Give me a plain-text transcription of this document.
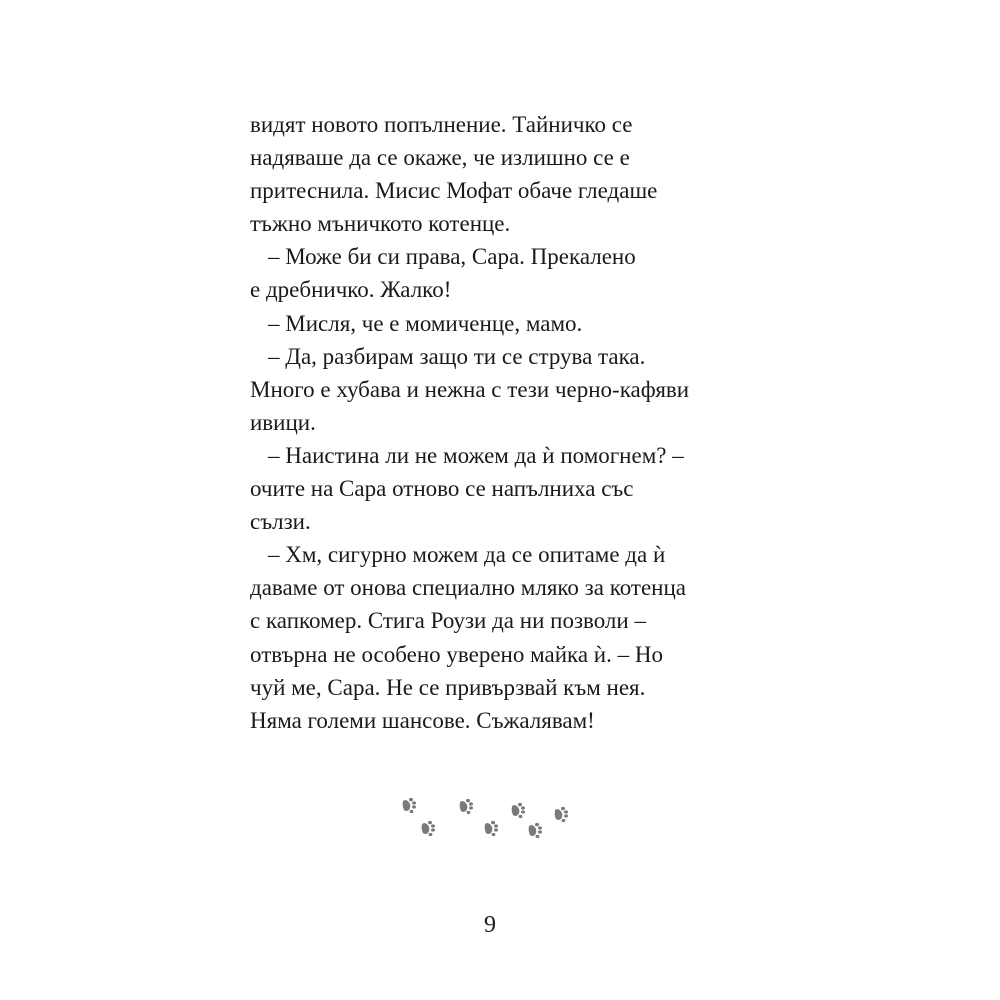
видят новото попълнение. Тайничко се
надяваше да се окаже, че излишно се е
притеснила. Мисис Мофат обаче гледаше
тъжно мъничкото котенце.
– Може би си права, Сара. Прекалено
е дребничко. Жалко!
– Мисля, че е момиченце, мамо.
– Да, разбирам защо ти се струва така.
Много е хубава и нежна с тези черно-кафяви
ивици.
– Наистина ли не можем да ѝ помогнем? –
очите на Сара отново се напълниха със
сълзи.
– Хм, сигурно можем да се опитаме да ѝ
даваме от онова специално мляко за котенца
с капкомер. Стига Роузи да ни позволи –
отвърна не особено уверено майка ѝ. – Но
чуй ме, Сара. Не се привързвай към нея.
Няма големи шансове. Съжалявам!
9
